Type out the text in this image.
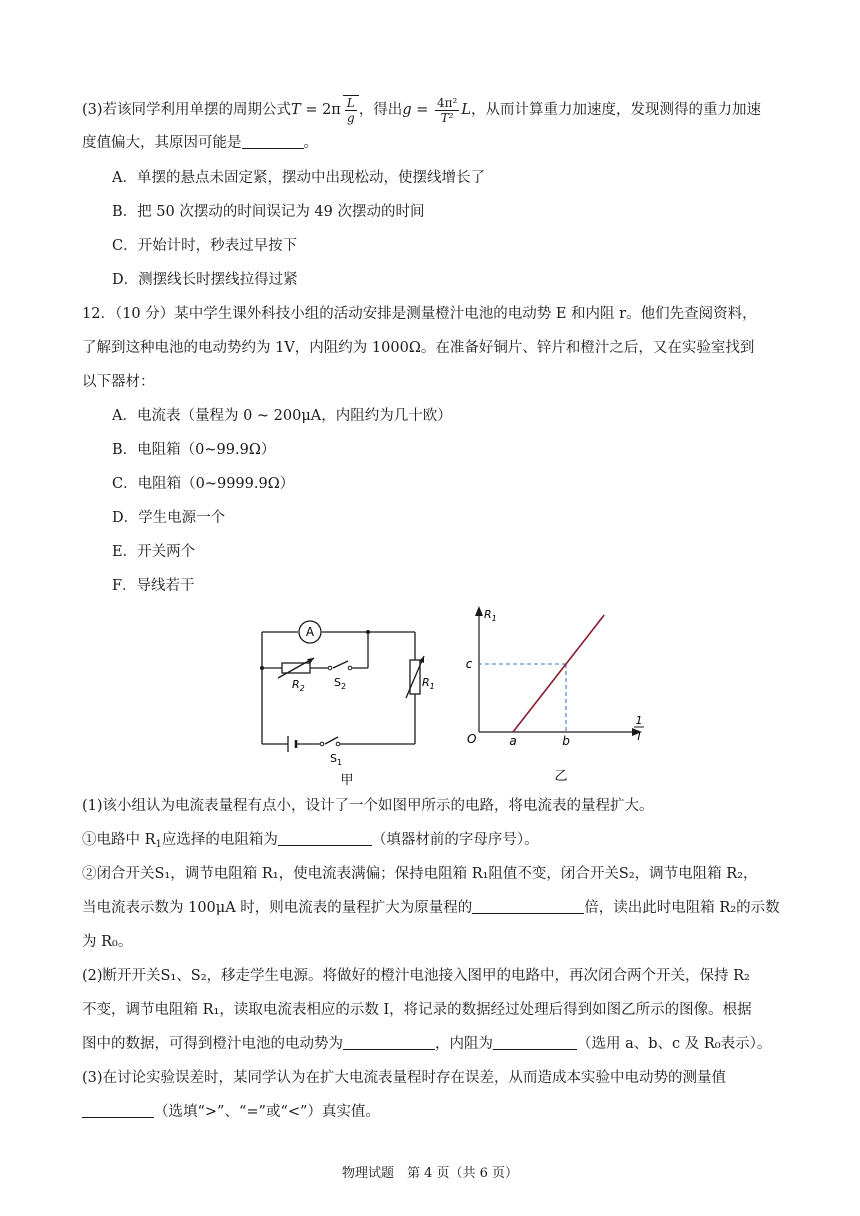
(3)若该同学利用单摆的周期公式$T = 2\pi \frac{L}{g}$ ，得出$g = \frac{\text{4π²}}{\text{T²}}$ L，从而计算重力加速度，发现测得的重力加速
度值偏大，其原因可能是	。
A．单摆的悬点未固定紧，摆动中出现松动，使摆线增长了
B．把 50 次摆动的时间误记为 49 次摆动的时间
C．开始计时，秒表过早按下
D．测摆线长时摆线拉得过紧
12．（10 分）某中学生课外科技小组的活动安排是测量橙汁电池的电动势 E 和内阻 r。他们先查阅资料，
了解到这种电池的电动势约为 1V，内阻约为 1000Ω。在准备好铜片、锌片和橙汁之后，又在实验室找到
以下器材：
A．电流表（量程为 0 ~ 200μA，内阻约为几十欧）
B．电阻箱（0~99.9Ω）
C．电阻箱（0~9999.9Ω）
D．学生电源一个
E．开关两个
F．导线若干
A
$R_2$	$S_2$	$R_1$
$S_1$
甲
a	b
c
$R_1$
O
1
I
乙
(1)该小组认为电流表量程有点小，设计了一个如图甲所示的电路，将电流表的量程扩大。
①电路中 $R_1$应选择的电阻箱为	（填器材前的字母序号）。
②闭合开关S₁，调节电阻箱 R₁，使电流表满偏；保持电阻箱 R₁阻值不变，闭合开关S₂，调节电阻箱 R₂，
当电流表示数为 100μA 时，则电流表的量程扩大为原量程的	倍，读出此时电阻箱 R₂的示数
为 R₀。
(2)断开开关S₁、S₂，移走学生电源。将做好的橙汁电池接入图甲的电路中，再次闭合两个开关，保持 R₂
不变，调节电阻箱 R₁，读取电流表相应的示数 I，将记录的数据经过处理后得到如图乙所示的图像。根据
图中的数据，可得到橙汁电池的电动势为	，内阻为	（选用 a、b、c 及 R₀表示）。
(3)在讨论实验误差时，某同学认为在扩大电流表量程时存在误差，从而造成本实验中电动势的测量值
（选填“>”、“=”或“<”）真实值。
物理试题　第 4 页（共 6 页）
